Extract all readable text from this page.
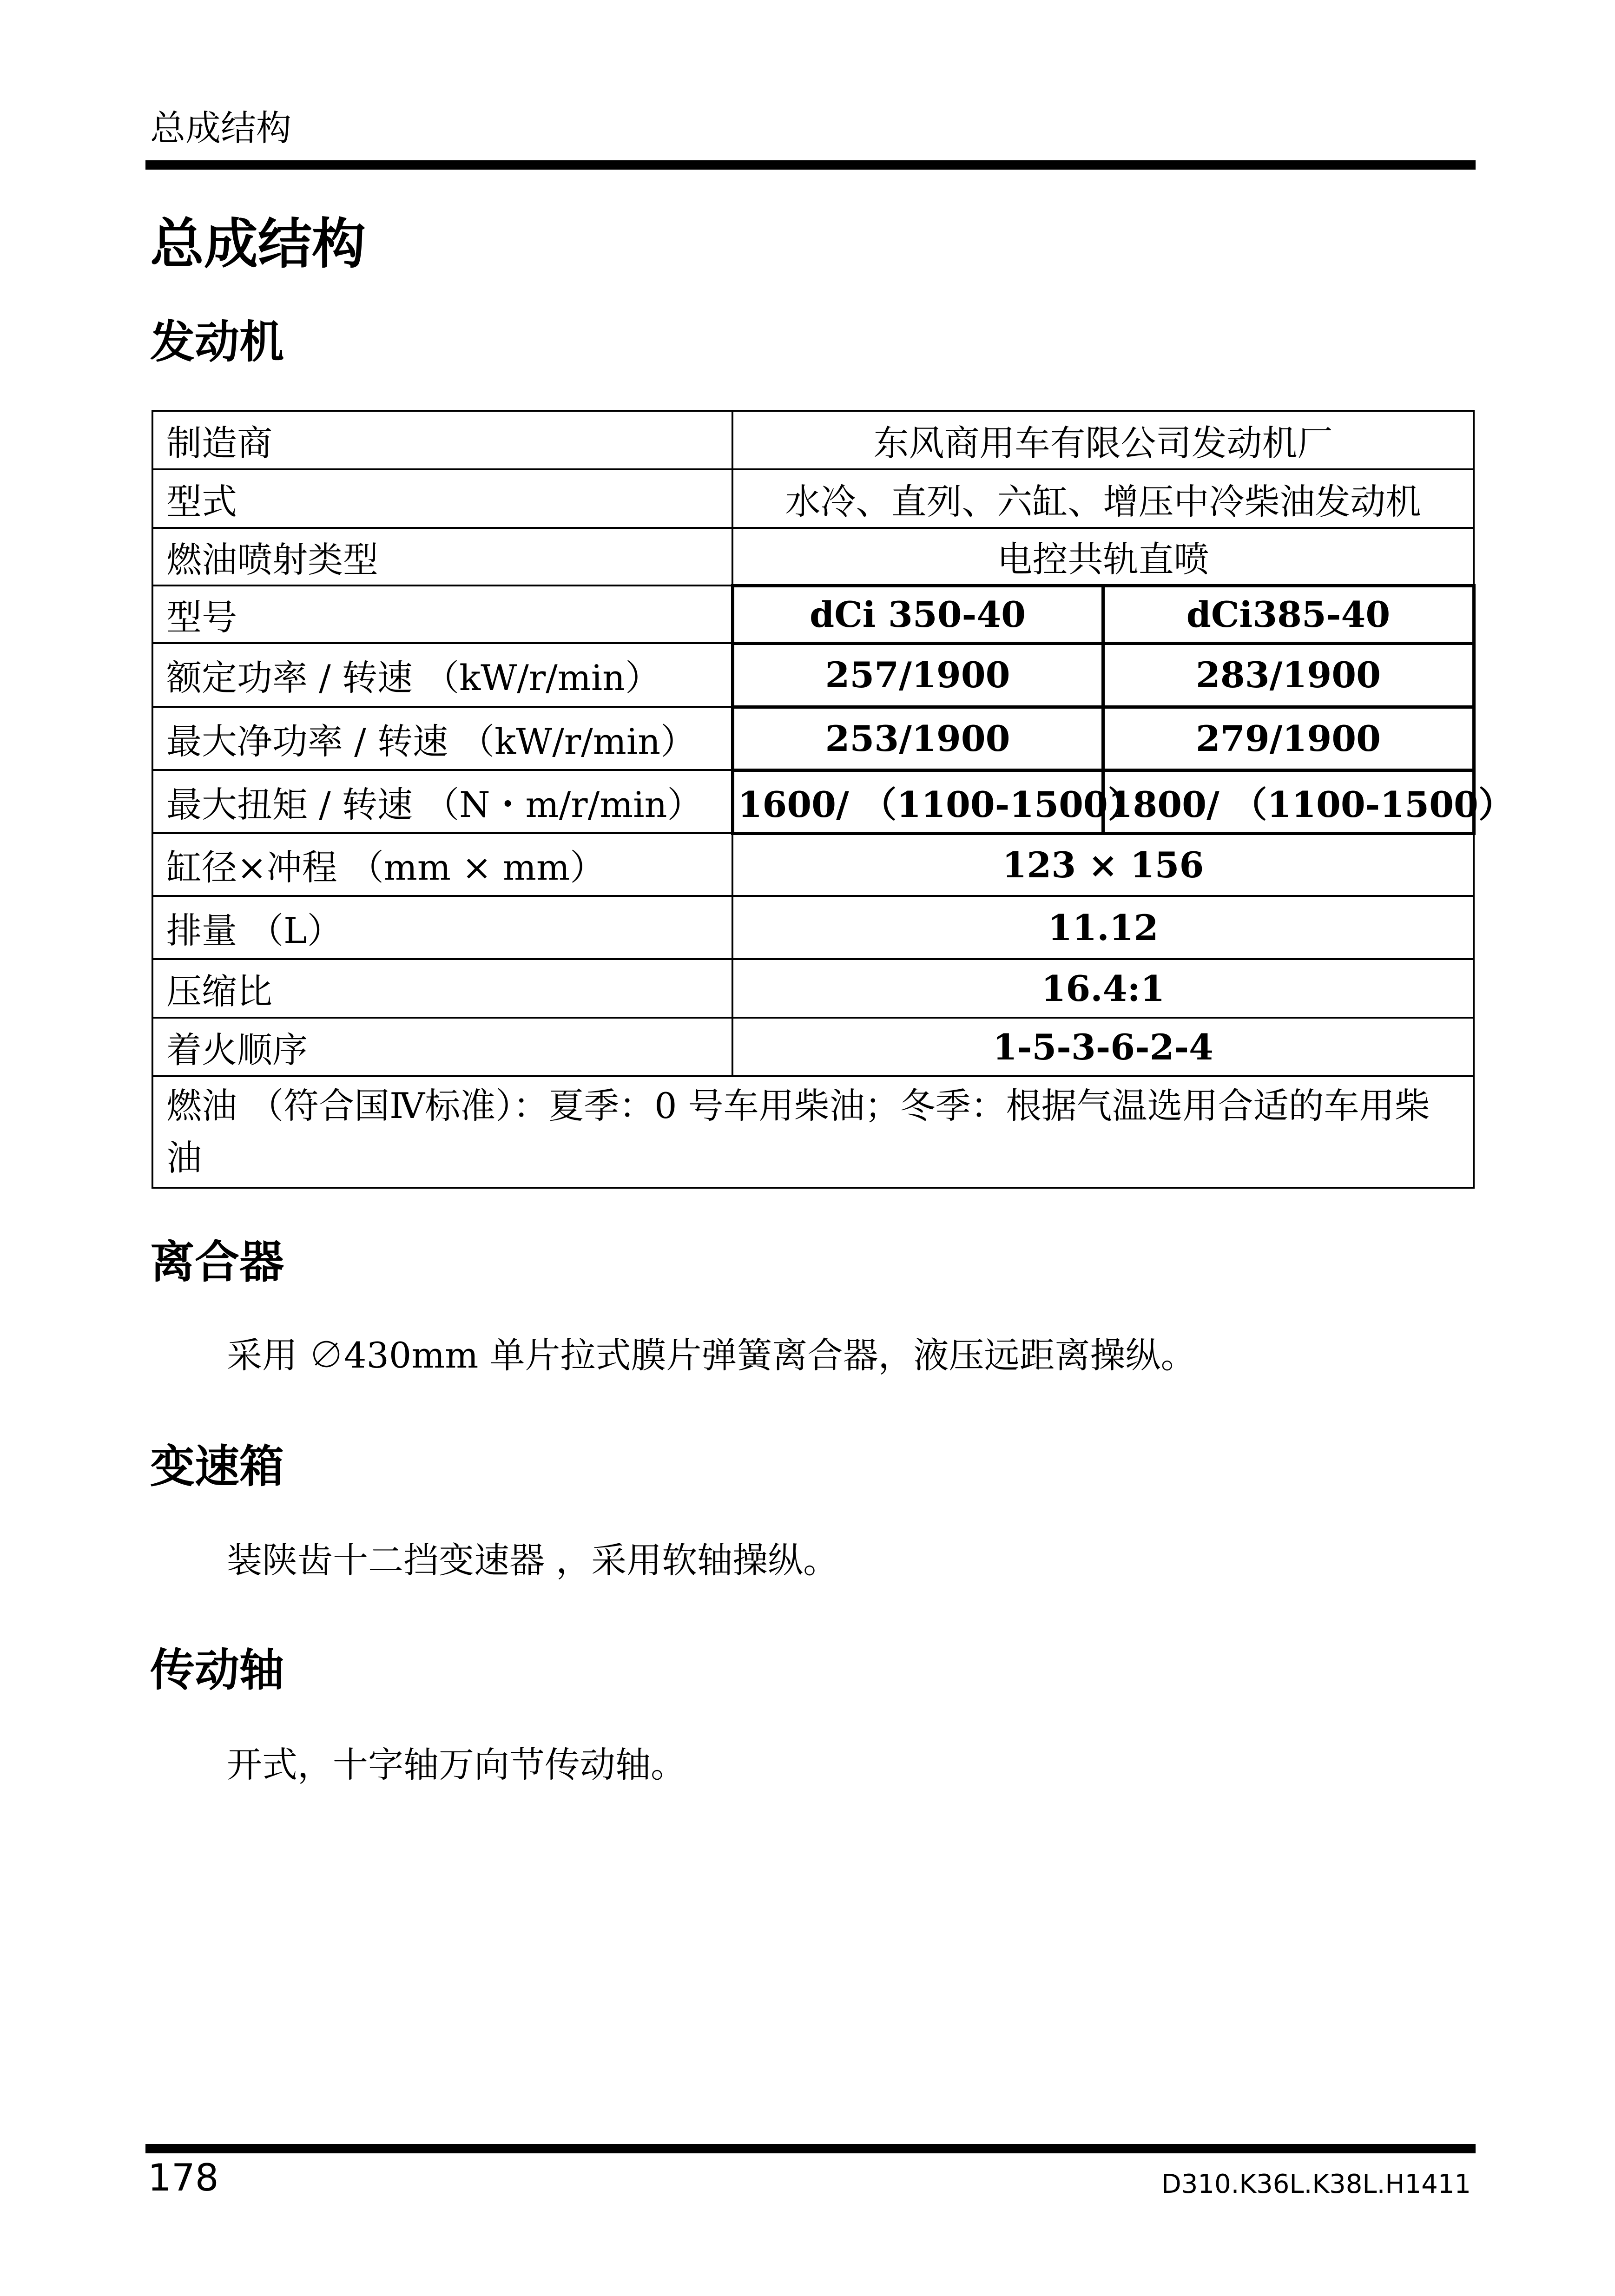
总成结构
总成结构
发动机
制造商	东风商用车有限公司发动机厂	
型式	水冷、直列、六缸、增压中冷柴油发动机	
燃油喷射类型	电控共轨直喷	
型号	dCi 350-40	dCi385-40
额定功率 / 转速 （kW/r/min）	257/1900	283/1900
最大净功率 / 转速 （kW/r/min）	253/1900	279/1900
最大扭矩 / 转速 （N・m/r/min）	1600/ （1100-1500）	1800/ （1100-1500）
缸径×冲程 （mm × mm）	123 × 156	
排量 （L）	11.12	
压缩比	16.4:1	
着火顺序	1-5-3-6-2-4	
燃油 （符合国Ⅳ标准）：夏季：0 号车用柴油；冬季：根据气温选用合适的车用柴油		
离合器
采用 ∅430mm 单片拉式膜片弹簧离合器，液压远距离操纵。
变速箱
装陕齿十二挡变速器 ，采用软轴操纵。
传动轴
开式，十字轴万向节传动轴。
178	D310.K36L.K38L.H1411
